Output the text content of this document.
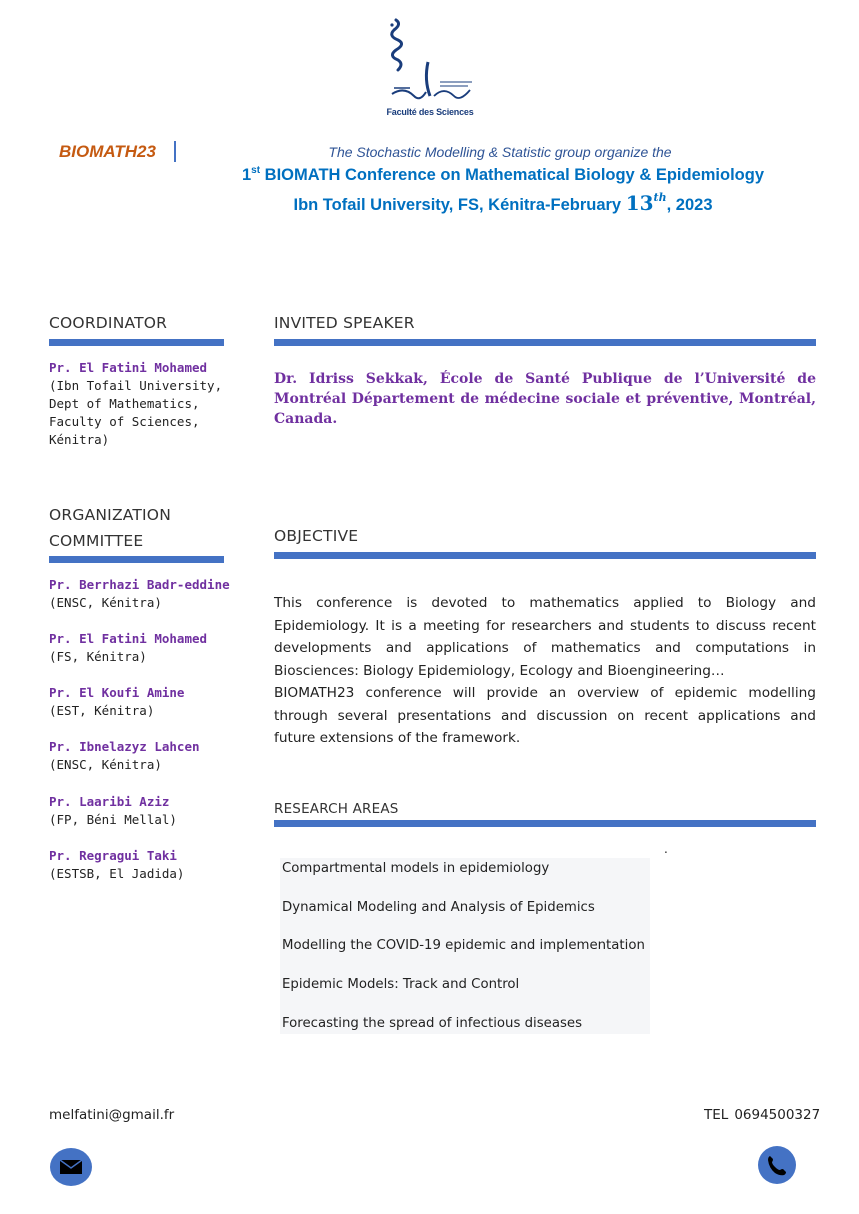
Faculté des Sciences
BIOMATH23	The Stochastic Modelling & Statistic group organize the
1st BIOMATH Conference on Mathematical Biology & Epidemiology
Ibn Tofail University, FS, Kénitra-February 13th, 2023
COORDINATOR
Pr. El Fatini Mohamed
(Ibn Tofail University,
Dept of Mathematics,
Faculty of Sciences,
Kénitra)
ORGANIZATION
COMMITTEE
Pr. Berrhazi Badr-eddine
(ENSC, Kénitra)
Pr. El Fatini Mohamed
(FS, Kénitra)
Pr. El Koufi Amine
(EST, Kénitra)
Pr. Ibnelazyz Lahcen
(ENSC, Kénitra)
Pr. Laaribi Aziz
(FP, Béni Mellal)
Pr. Regragui Taki
(ESTSB, El Jadida)
INVITED SPEAKER
Dr. Idriss Sekkak, École de Santé Publique de l’Université de Montréal Département de médecine sociale et préventive, Montréal, Canada.
OBJECTIVE

This conference is devoted to mathematics applied to Biology and Epidemiology. It is a meeting for researchers and students to discuss recent developments and applications of mathematics and computations in Biosciences: Biology Epidemiology, Ecology and Bioengineering…

BIOMATH23 conference will provide an overview of epidemic modelling through several presentations and discussion on recent applications and future extensions of the framework.

RESEARCH AREAS
.
Compartmental models in epidemiology
Dynamical Modeling and Analysis of Epidemics
Modelling the COVID-19 epidemic and implementation
Epidemic Models: Track and Control
Forecasting the spread of infectious diseases
melfatini@gmail.fr	TEL 0694500327
